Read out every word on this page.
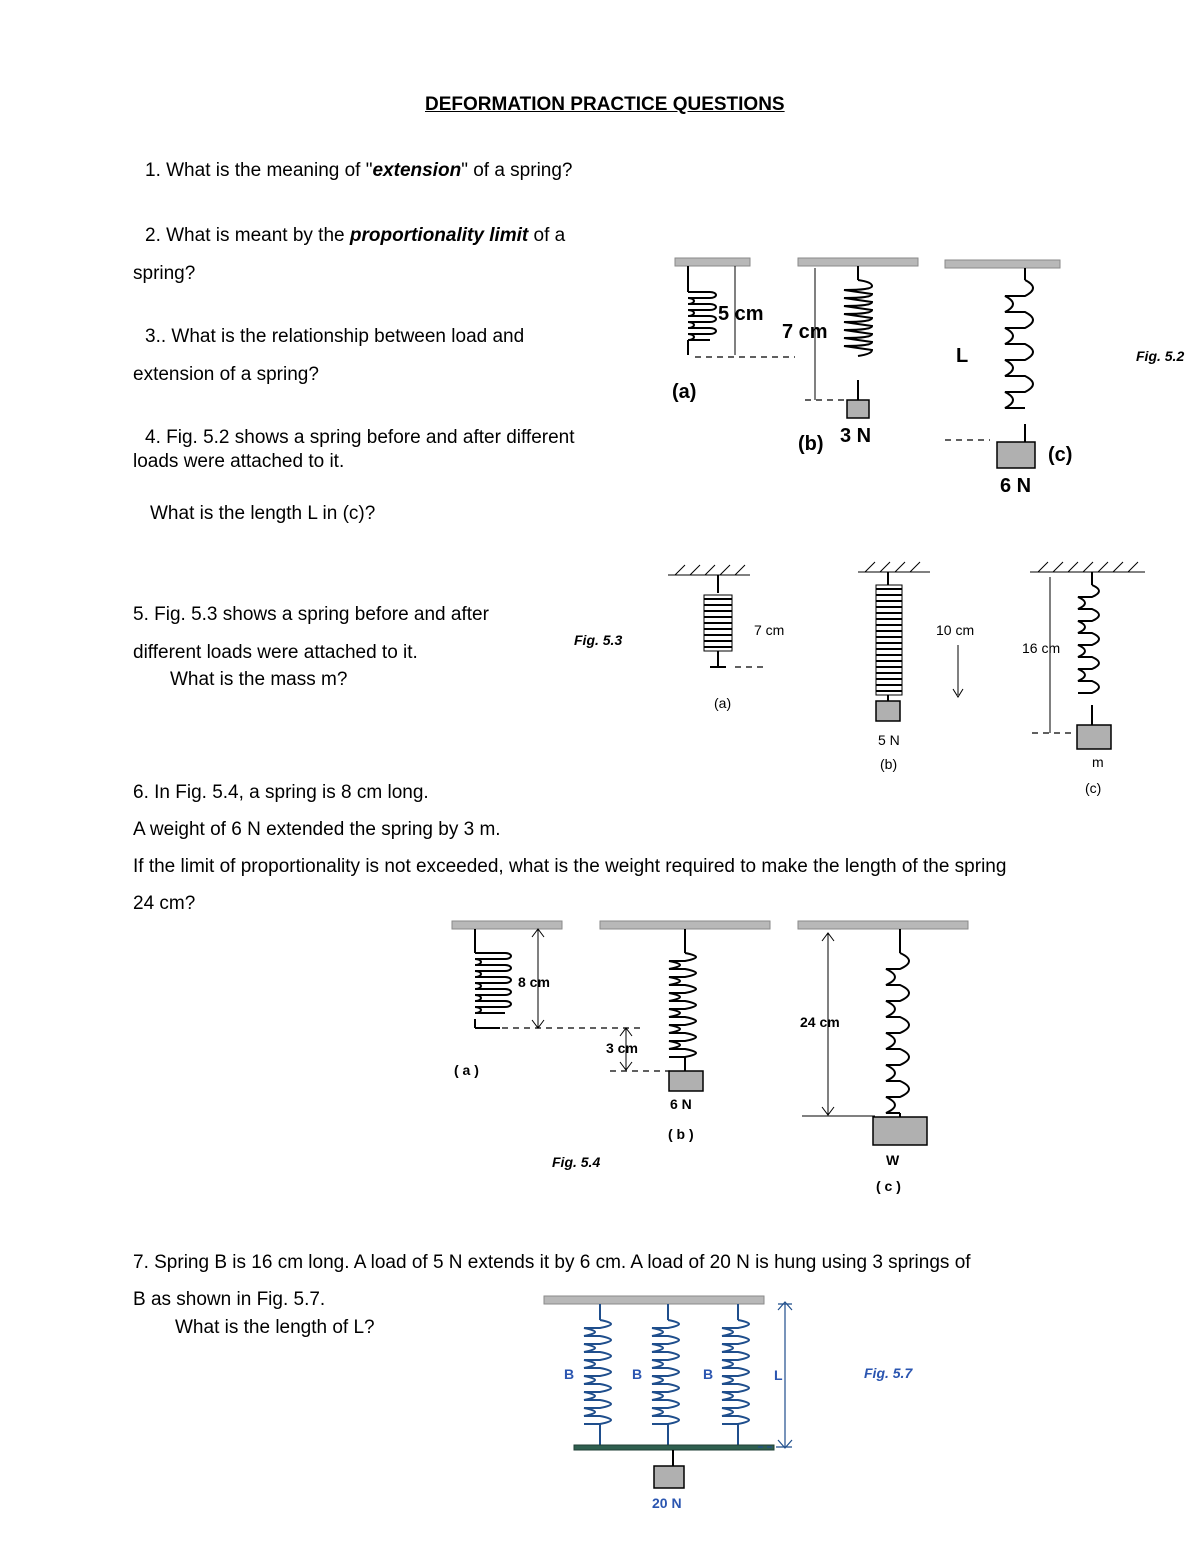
DEFORMATION PRACTICE QUESTIONS
1. What is the meaning of "extension" of a spring?
2. What is meant by the proportionality limit of a
spring?
3.. What is the relationship between load and
extension of a spring?
4. Fig. 5.2 shows a spring before and after different
loads were attached to it.
What is the length L in (c)?
5. Fig. 5.3 shows a spring before and after
different loads were attached to it.
What is the mass m?
6. In Fig. 5.4, a spring is 8 cm long.
A weight of 6 N extended the spring by 3 m.
If the limit of proportionality is not exceeded, what is the weight required to make the length of the spring
24 cm?
7. Spring B is 16 cm long. A load of 5 N extends it by 6 cm. A load of 20 N is hung using 3 springs of
B as shown in Fig. 5.7.
What is the length of L?
5 cm
(a)
7 cm
(b) 3 N
L
(c)
6 N
Fig. 5.2
Fig. 5.3
7 cm
(a)
10 cm
5 N
(b)
16 cm
m
(c)
8 cm
( a )
3 cm
6 N
( b )
Fig. 5.4
24 cm
W
( c )
B	B	B	L
20 N
Fig. 5.7
